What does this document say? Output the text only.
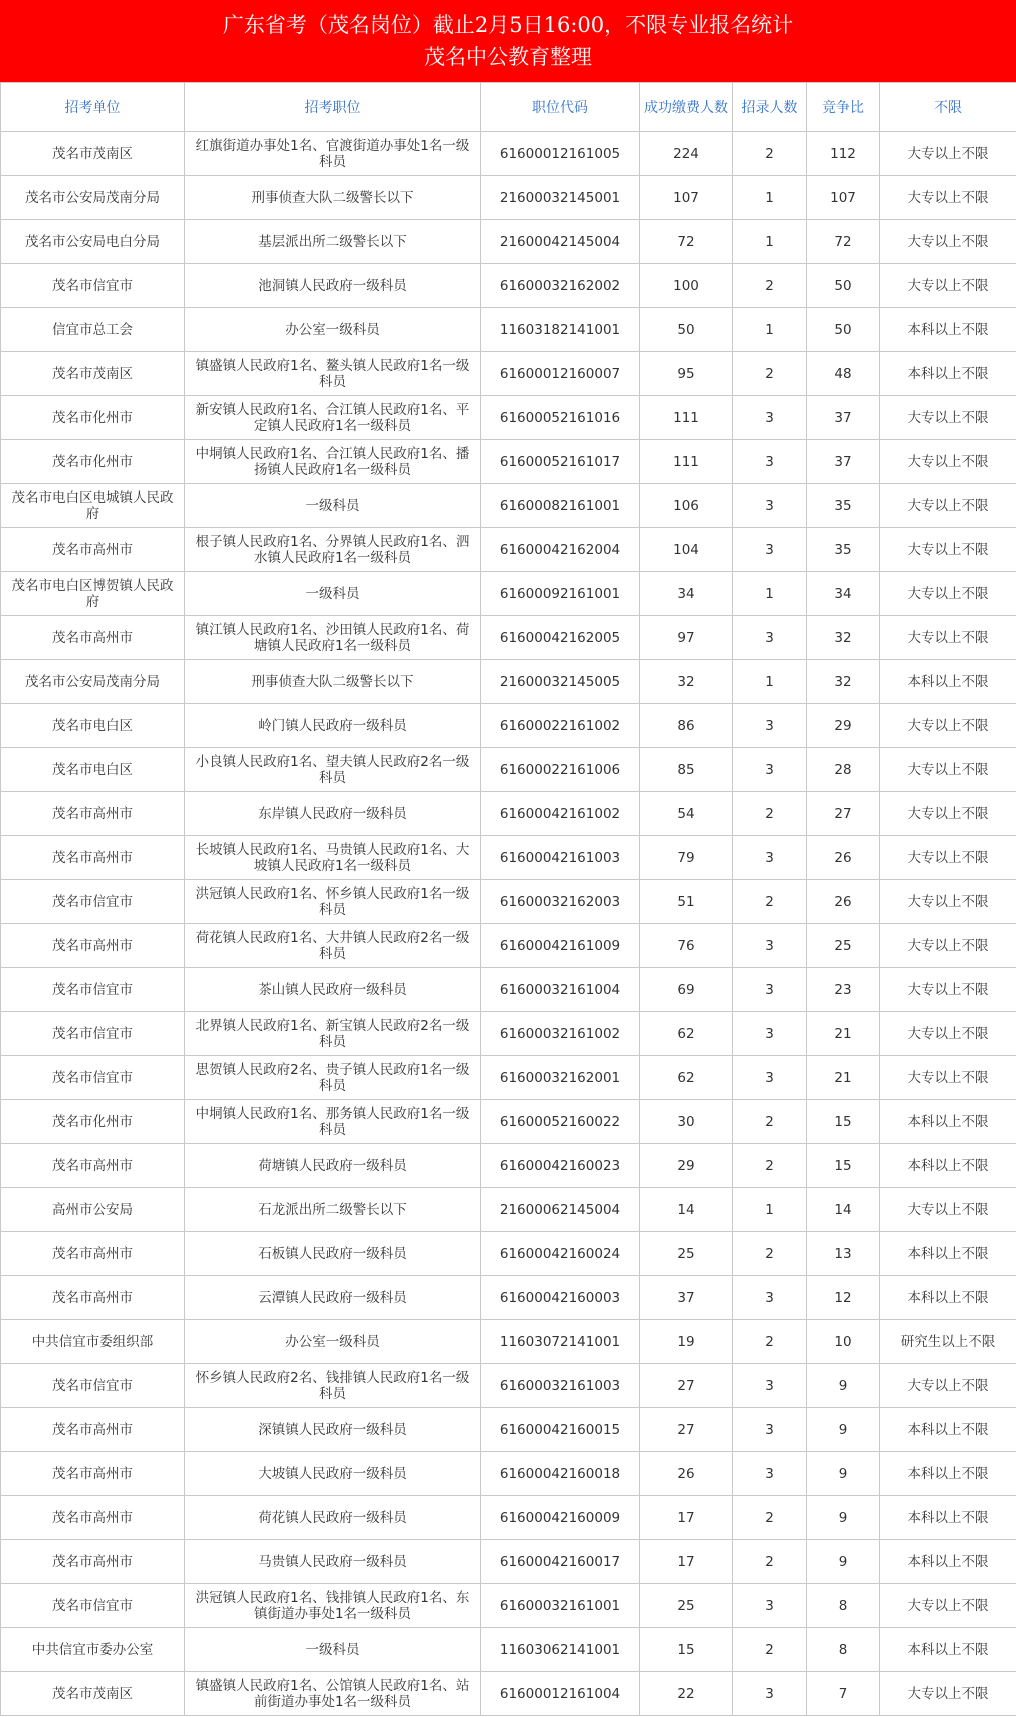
广东省考（茂名岗位）截止2月5日16:00，不限专业报名统计
茂名中公教育整理
招考单位	招考职位	职位代码	成功缴费人数	招录人数	竞争比	不限
茂名市茂南区	红旗街道办事处1名、官渡街道办事处1名一级科员	61600012161005	224	2	112	大专以上不限
茂名市公安局茂南分局	刑事侦查大队二级警长以下	21600032145001	107	1	107	大专以上不限
茂名市公安局电白分局	基层派出所二级警长以下	21600042145004	72	1	72	大专以上不限
茂名市信宜市	池洞镇人民政府一级科员	61600032162002	100	2	50	大专以上不限
信宜市总工会	办公室一级科员	11603182141001	50	1	50	本科以上不限
茂名市茂南区	镇盛镇人民政府1名、鳌头镇人民政府1名一级科员	61600012160007	95	2	48	本科以上不限
茂名市化州市	新安镇人民政府1名、合江镇人民政府1名、平定镇人民政府1名一级科员	61600052161016	111	3	37	大专以上不限
茂名市化州市	中垌镇人民政府1名、合江镇人民政府1名、播扬镇人民政府1名一级科员	61600052161017	111	3	37	大专以上不限
茂名市电白区电城镇人民政府	一级科员	61600082161001	106	3	35	大专以上不限
茂名市高州市	根子镇人民政府1名、分界镇人民政府1名、泗水镇人民政府1名一级科员	61600042162004	104	3	35	大专以上不限
茂名市电白区博贺镇人民政府	一级科员	61600092161001	34	1	34	大专以上不限
茂名市高州市	镇江镇人民政府1名、沙田镇人民政府1名、荷塘镇人民政府1名一级科员	61600042162005	97	3	32	大专以上不限
茂名市公安局茂南分局	刑事侦查大队二级警长以下	21600032145005	32	1	32	本科以上不限
茂名市电白区	岭门镇人民政府一级科员	61600022161002	86	3	29	大专以上不限
茂名市电白区	小良镇人民政府1名、望夫镇人民政府2名一级科员	61600022161006	85	3	28	大专以上不限
茂名市高州市	东岸镇人民政府一级科员	61600042161002	54	2	27	大专以上不限
茂名市高州市	长坡镇人民政府1名、马贵镇人民政府1名、大坡镇人民政府1名一级科员	61600042161003	79	3	26	大专以上不限
茂名市信宜市	洪冠镇人民政府1名、怀乡镇人民政府1名一级科员	61600032162003	51	2	26	大专以上不限
茂名市高州市	荷花镇人民政府1名、大井镇人民政府2名一级科员	61600042161009	76	3	25	大专以上不限
茂名市信宜市	茶山镇人民政府一级科员	61600032161004	69	3	23	大专以上不限
茂名市信宜市	北界镇人民政府1名、新宝镇人民政府2名一级科员	61600032161002	62	3	21	大专以上不限
茂名市信宜市	思贺镇人民政府2名、贵子镇人民政府1名一级科员	61600032162001	62	3	21	大专以上不限
茂名市化州市	中垌镇人民政府1名、那务镇人民政府1名一级科员	61600052160022	30	2	15	本科以上不限
茂名市高州市	荷塘镇人民政府一级科员	61600042160023	29	2	15	本科以上不限
高州市公安局	石龙派出所二级警长以下	21600062145004	14	1	14	大专以上不限
茂名市高州市	石板镇人民政府一级科员	61600042160024	25	2	13	本科以上不限
茂名市高州市	云潭镇人民政府一级科员	61600042160003	37	3	12	本科以上不限
中共信宜市委组织部	办公室一级科员	11603072141001	19	2	10	研究生以上不限
茂名市信宜市	怀乡镇人民政府2名、钱排镇人民政府1名一级科员	61600032161003	27	3	9	大专以上不限
茂名市高州市	深镇镇人民政府一级科员	61600042160015	27	3	9	本科以上不限
茂名市高州市	大坡镇人民政府一级科员	61600042160018	26	3	9	本科以上不限
茂名市高州市	荷花镇人民政府一级科员	61600042160009	17	2	9	本科以上不限
茂名市高州市	马贵镇人民政府一级科员	61600042160017	17	2	9	本科以上不限
茂名市信宜市	洪冠镇人民政府1名、钱排镇人民政府1名、东镇街道办事处1名一级科员	61600032161001	25	3	8	大专以上不限
中共信宜市委办公室	一级科员	11603062141001	15	2	8	本科以上不限
茂名市茂南区	镇盛镇人民政府1名、公馆镇人民政府1名、站前街道办事处1名一级科员	61600012161004	22	3	7	大专以上不限
